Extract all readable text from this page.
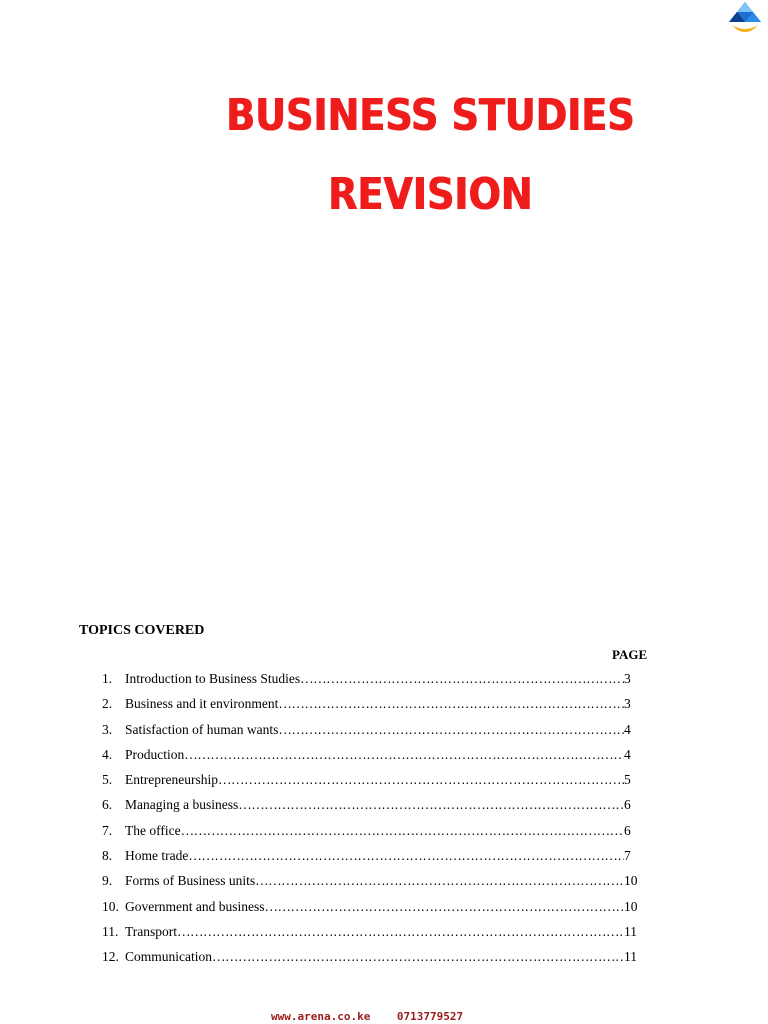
BUSINESS STUDIES
REVISION
TOPICS COVERED
PAGE
1. Introduction to Business Studies ……………………………………………………………………………………………………………………………………	3
2. Business and it environment ……………………………………………………………………………………………………………………………………	3
3. Satisfaction of human wants ……………………………………………………………………………………………………………………………………	4
4. Production ……………………………………………………………………………………………………………………………………	4
5. Entrepreneurship ……………………………………………………………………………………………………………………………………	5
6. Managing a business ……………………………………………………………………………………………………………………………………	6
7. The office ……………………………………………………………………………………………………………………………………	6
8. Home trade ……………………………………………………………………………………………………………………………………	7
9. Forms of Business units ……………………………………………………………………………………………………………………………………	10
10. Government and business ……………………………………………………………………………………………………………………………………	10
11. Transport ……………………………………………………………………………………………………………………………………	11
12. Communication ……………………………………………………………………………………………………………………………………	11
www.arena.co.ke 0713779527
